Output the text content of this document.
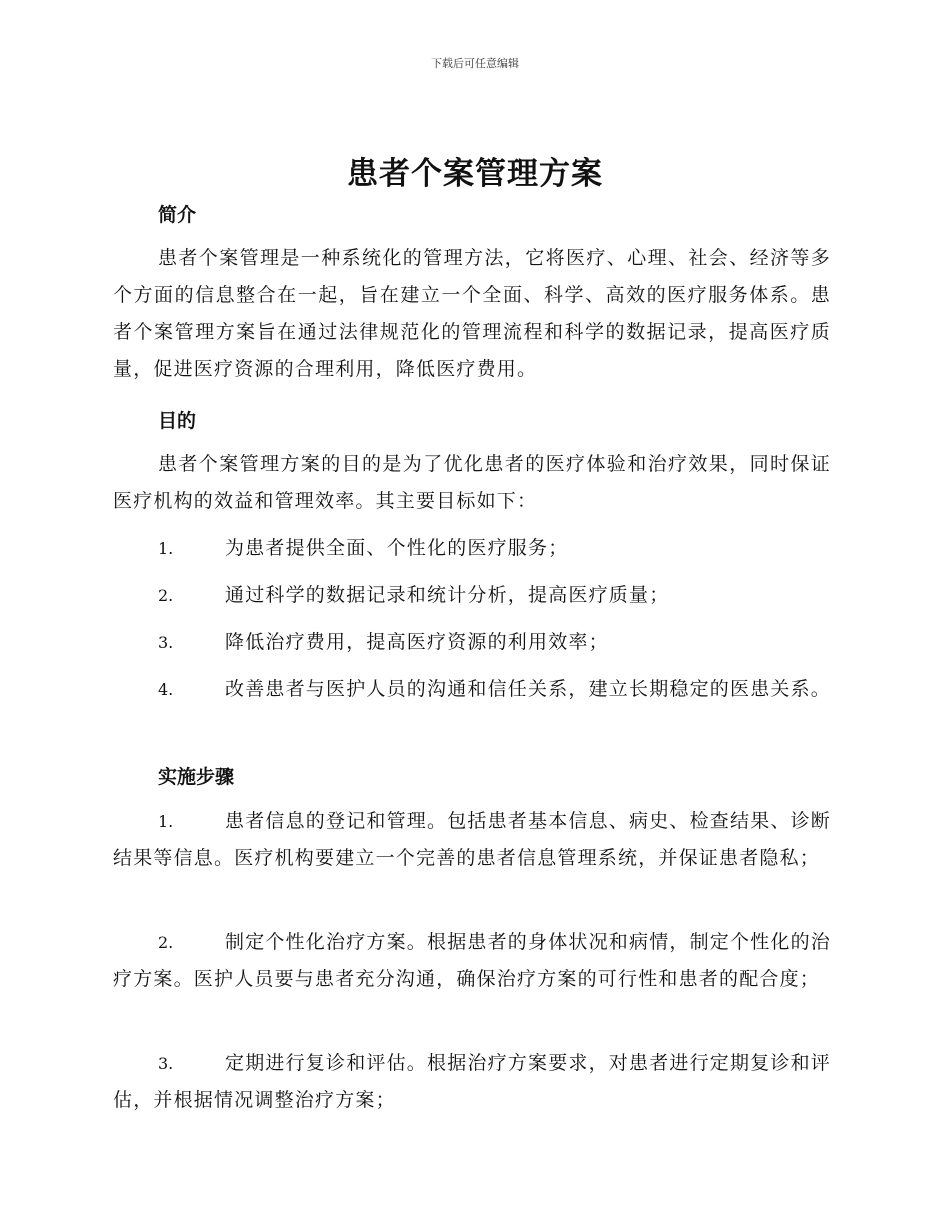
下载后可任意编辑
患者个案管理方案
简介

患者个案管理是一种系统化的管理方法，它将医疗、心理、社会、经济等多个方面的信息整合在一起，旨在建立一个全面、科学、高效的医疗服务体系。患者个案管理方案旨在通过法律规范化的管理流程和科学的数据记录，提高医疗质量，促进医疗资源的合理利用，降低医疗费用。

目的

患者个案管理方案的目的是为了优化患者的医疗体验和治疗效果，同时保证医疗机构的效益和管理效率。其主要目标如下：

1.	为患者提供全面、个性化的医疗服务；

2.	通过科学的数据记录和统计分析，提高医疗质量；

3.	降低治疗费用，提高医疗资源的利用效率；

4.	改善患者与医护人员的沟通和信任关系，建立长期稳定的医患关系。

实施步骤

1.	患者信息的登记和管理。包括患者基本信息、病史、检查结果、诊断结果等信息。医疗机构要建立一个完善的患者信息管理系统，并保证患者隐私；

2.	制定个性化治疗方案。根据患者的身体状况和病情，制定个性化的治疗方案。医护人员要与患者充分沟通，确保治疗方案的可行性和患者的配合度；

3.	定期进行复诊和评估。根据治疗方案要求，对患者进行定期复诊和评估，并根据情况调整治疗方案；
